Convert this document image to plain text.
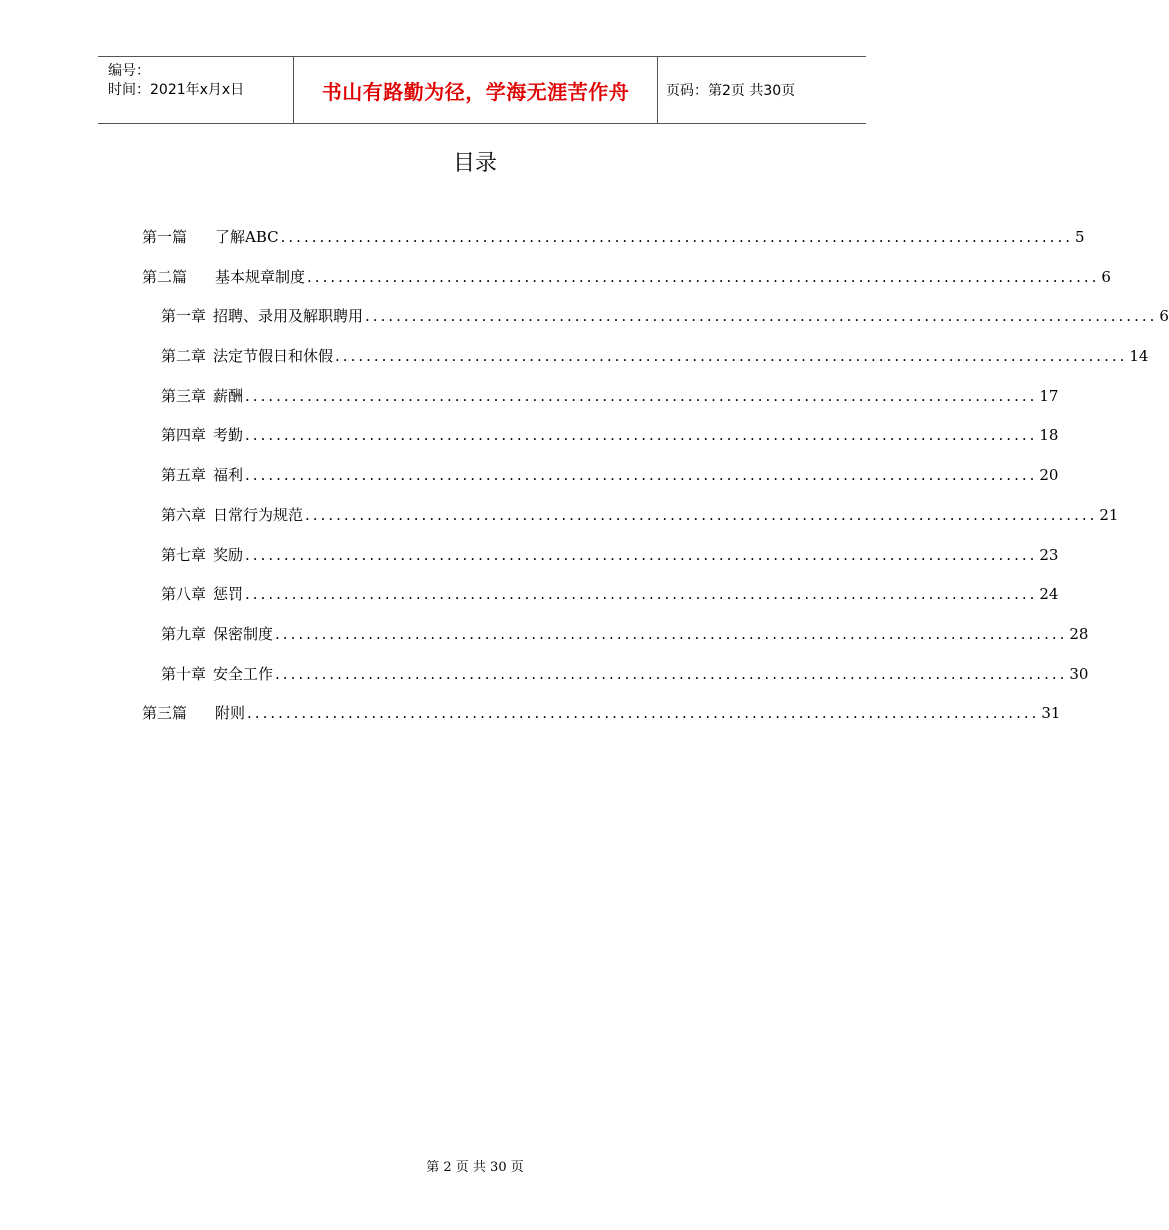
编号：
时间：2021年x月x日	书山有路勤为径，学海无涯苦作舟	页码：第2页 共30页
目录
第一篇 了解ABC ...................................................................................................... 5
第二篇 基本规章制度 ...................................................................................................... 6
第一章 招聘、录用及解职聘用 ...................................................................................................... 6
第二章 法定节假日和休假 ...................................................................................................... 14
第三章 薪酬 ...................................................................................................... 17
第四章 考勤 ...................................................................................................... 18
第五章 福利 ...................................................................................................... 20
第六章 日常行为规范 ...................................................................................................... 21
第七章 奖励 ...................................................................................................... 23
第八章 惩罚 ...................................................................................................... 24
第九章 保密制度 ...................................................................................................... 28
第十章 安全工作 ...................................................................................................... 30
第三篇 附则 ...................................................................................................... 31
第 2 页 共 30 页
